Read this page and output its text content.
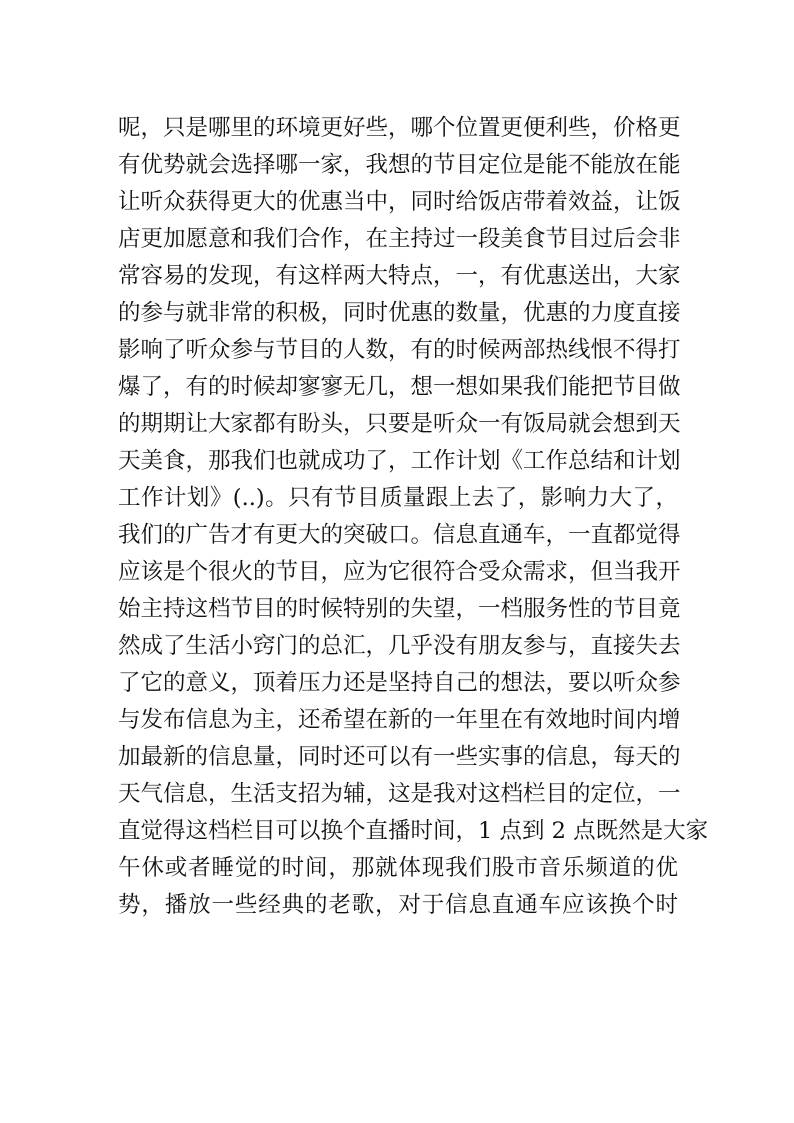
呢，只是哪里的环境更好些，哪个位置更便利些，价格更
有优势就会选择哪一家，我想的节目定位是能不能放在能
让听众获得更大的优惠当中，同时给饭店带着效益，让饭
店更加愿意和我们合作，在主持过一段美食节目过后会非
常容易的发现，有这样两大特点，一，有优惠送出，大家
的参与就非常的积极，同时优惠的数量，优惠的力度直接
影响了听众参与节目的人数，有的时候两部热线恨不得打
爆了，有的时候却寥寥无几，想一想如果我们能把节目做
的期期让大家都有盼头，只要是听众一有饭局就会想到天
天美食，那我们也就成功了，工作计划《工作总结和计划
工作计划》(..)。只有节目质量跟上去了，影响力大了，
我们的广告才有更大的突破口。信息直通车，一直都觉得
应该是个很火的节目，应为它很符合受众需求，但当我开
始主持这档节目的时候特别的失望，一档服务性的节目竟
然成了生活小窍门的总汇，几乎没有朋友参与，直接失去
了它的意义，顶着压力还是坚持自己的想法，要以听众参
与发布信息为主，还希望在新的一年里在有效地时间内增
加最新的信息量，同时还可以有一些实事的信息，每天的
天气信息，生活支招为辅，这是我对这档栏目的定位，一
直觉得这档栏目可以换个直播时间，1 点到 2 点既然是大家
午休或者睡觉的时间，那就体现我们股市音乐频道的优
势，播放一些经典的老歌，对于信息直通车应该换个时
